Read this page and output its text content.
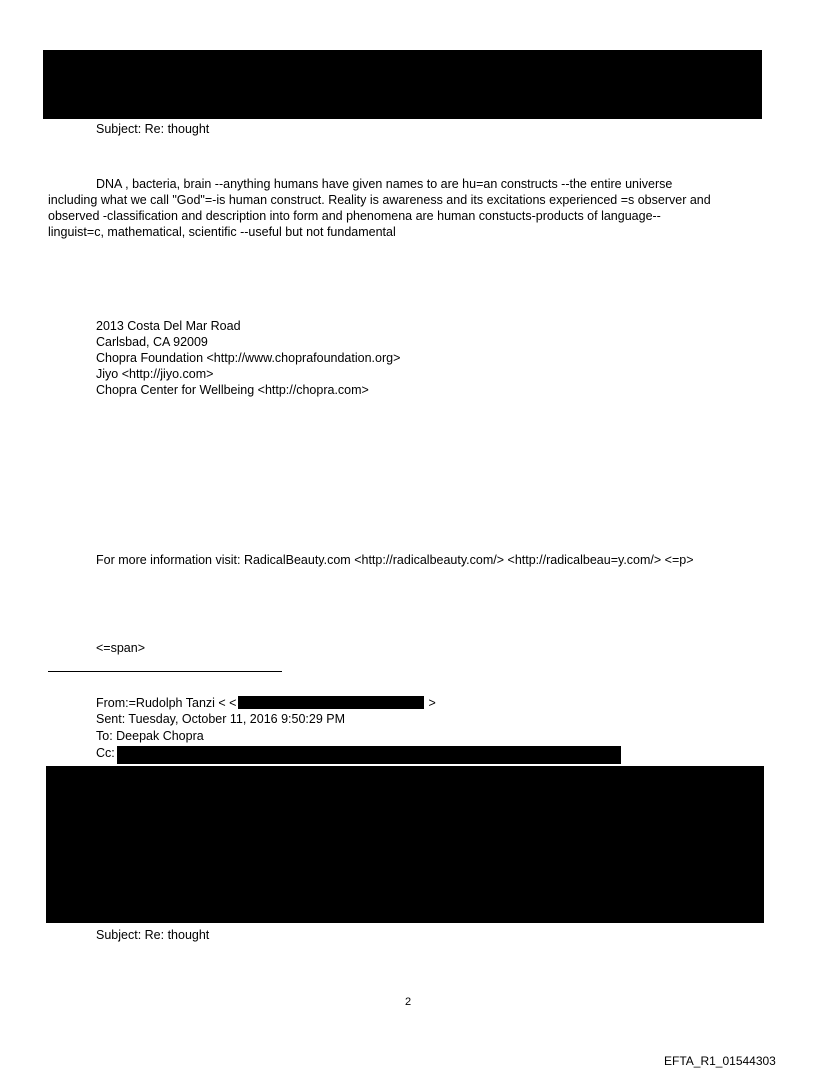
Subject: Re: thought

DNA , bacteria, brain --anything humans have given names to are hu=an constructs --the entire universe
including what we call "God"=-is human construct. Reality is awareness and its excitations experienced =s observer and
observed -classification and description into form and phenomena are human constucts-products of language--
linguist=c, mathematical, scientific --useful but not fundamental
2013 Costa Del Mar Road
Carlsbad, CA 92009
Chopra Foundation <http://www.choprafoundation.org>
Jiyo <http://jiyo.com>
Chopra Center for Wellbeing <http://chopra.com>

For more information visit: RadicalBeauty.com <http://radicalbeauty.com/> <http://radicalbeau=y.com/> <=p>

<=span>

From:=Rudolph Tanzi < <	>

Sent: Tuesday, October 11, 2016 9:50:29 PM

To: Deepak Chopra

Cc:

Subject: Re: thought

2
EFTA_R1_01544303
